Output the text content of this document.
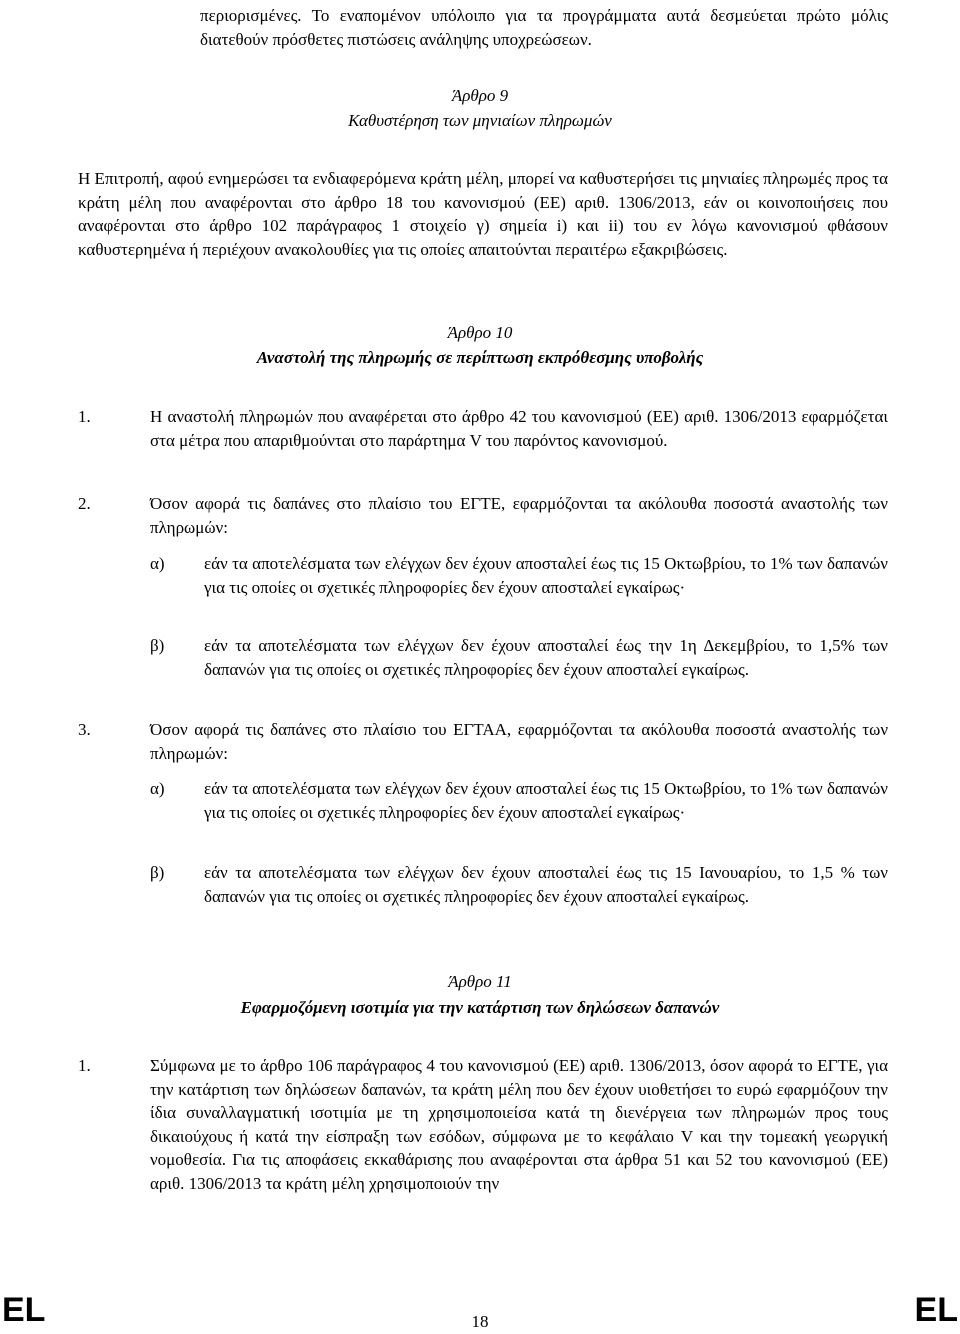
περιορισμένες. Το εναπομένον υπόλοιπο για τα προγράμματα αυτά δεσμεύεται πρώτο μόλις διατεθούν πρόσθετες πιστώσεις ανάληψης υποχρεώσεων.

Άρθρο 9

Καθυστέρηση των μηνιαίων πληρωμών

Η Επιτροπή, αφού ενημερώσει τα ενδιαφερόμενα κράτη μέλη, μπορεί να καθυστερήσει τις μηνιαίες πληρωμές προς τα κράτη μέλη που αναφέρονται στο άρθρο 18 του κανονισμού (ΕΕ) αριθ. 1306/2013, εάν οι κοινοποιήσεις που αναφέρονται στο άρθρο 102 παράγραφος 1 στοιχείο γ) σημεία i) και ii) του εν λόγω κανονισμού φθάσουν καθυστερημένα ή περιέχουν ανακολουθίες για τις οποίες απαιτούνται περαιτέρω εξακριβώσεις.

Άρθρο 10

Αναστολή της πληρωμής σε περίπτωση εκπρόθεσμης υποβολής

1.	Η αναστολή πληρωμών που αναφέρεται στο άρθρο 42 του κανονισμού (ΕΕ) αριθ. 1306/2013 εφαρμόζεται στα μέτρα που απαριθμούνται στο παράρτημα V του παρόντος κανονισμού.

2.	Όσον αφορά τις δαπάνες στο πλαίσιο του ΕΓΤΕ, εφαρμόζονται τα ακόλουθα ποσοστά αναστολής των πληρωμών:

α) εάν τα αποτελέσματα των ελέγχων δεν έχουν αποσταλεί έως τις 15 Οκτωβρίου, το 1% των δαπανών για τις οποίες οι σχετικές πληροφορίες δεν έχουν αποσταλεί εγκαίρως·

β) εάν τα αποτελέσματα των ελέγχων δεν έχουν αποσταλεί έως την 1η Δεκεμβρίου, το 1,5% των δαπανών για τις οποίες οι σχετικές πληροφορίες δεν έχουν αποσταλεί εγκαίρως.

3.	Όσον αφορά τις δαπάνες στο πλαίσιο του ΕΓΤΑΑ, εφαρμόζονται τα ακόλουθα ποσοστά αναστολής των πληρωμών:

α) εάν τα αποτελέσματα των ελέγχων δεν έχουν αποσταλεί έως τις 15 Οκτωβρίου, το 1% των δαπανών για τις οποίες οι σχετικές πληροφορίες δεν έχουν αποσταλεί εγκαίρως·

β) εάν τα αποτελέσματα των ελέγχων δεν έχουν αποσταλεί έως τις 15 Ιανουαρίου, το 1,5 % των δαπανών για τις οποίες οι σχετικές πληροφορίες δεν έχουν αποσταλεί εγκαίρως.

Άρθρο 11

Εφαρμοζόμενη ισοτιμία για την κατάρτιση των δηλώσεων δαπανών

1.	Σύμφωνα με το άρθρο 106 παράγραφος 4 του κανονισμού (ΕΕ) αριθ. 1306/2013, όσον αφορά το ΕΓΤΕ, για την κατάρτιση των δηλώσεων δαπανών, τα κράτη μέλη που δεν έχουν υιοθετήσει το ευρώ εφαρμόζουν την ίδια συναλλαγματική ισοτιμία με τη χρησιμοποιείσα κατά τη διενέργεια των πληρωμών προς τους δικαιούχους ή κατά την είσπραξη των εσόδων, σύμφωνα με το κεφάλαιο V και την τομεακή γεωργική νομοθεσία. Για τις αποφάσεις εκκαθάρισης που αναφέρονται στα άρθρα 51 και 52 του κανονισμού (ΕΕ) αριθ. 1306/2013 τα κράτη μέλη χρησιμοποιούν την

EL	18	EL
